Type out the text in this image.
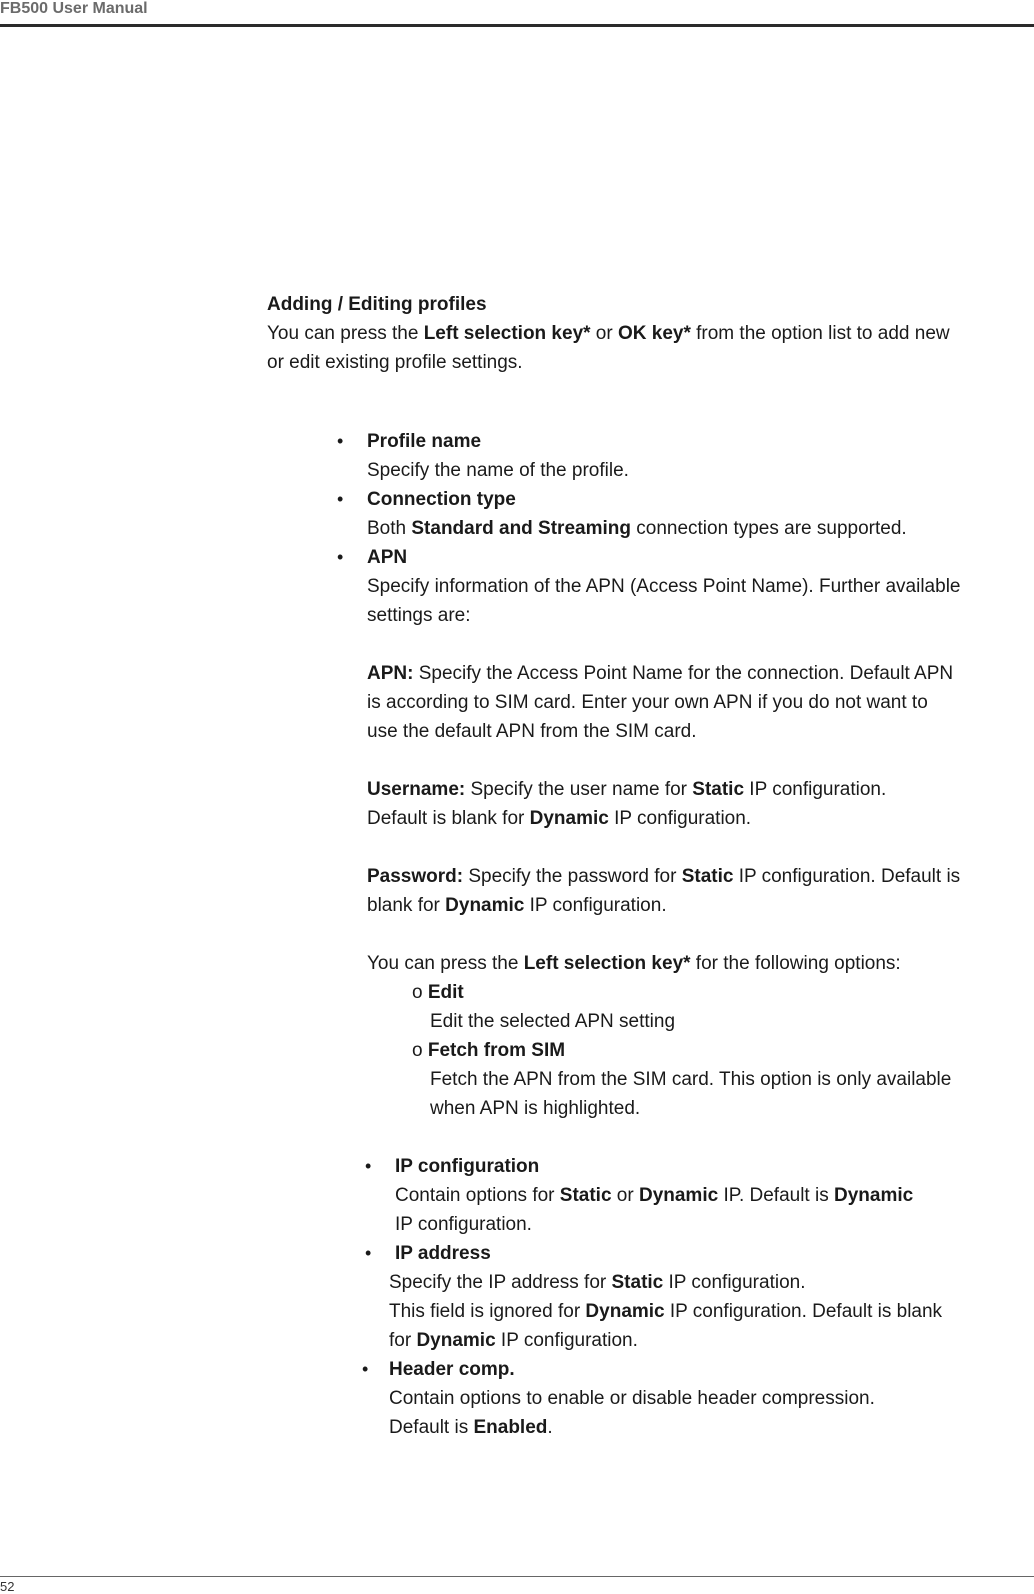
FB500 User Manual
Adding / Editing profiles
You can press the Left selection key* or OK key* from the option list to add new
or edit existing profile settings.
• Profile name
Specify the name of the profile.
• Connection type
Both Standard and Streaming connection types are supported.
• APN
Specify information of the APN (Access Point Name). Further available
settings are:
APN: Specify the Access Point Name for the connection. Default APN
is according to SIM card. Enter your own APN if you do not want to
use the default APN from the SIM card.
Username: Specify the user name for Static IP configuration.
Default is blank for Dynamic IP configuration.
Password: Specify the password for Static IP configuration. Default is
blank for Dynamic IP configuration.
You can press the Left selection key* for the following options:
o Edit
Edit the selected APN setting
o Fetch from SIM
Fetch the APN from the SIM card. This option is only available
when APN is highlighted.
• IP configuration
Contain options for Static or Dynamic IP. Default is Dynamic
IP configuration.
• IP address
Specify the IP address for Static IP configuration.
This field is ignored for Dynamic IP configuration. Default is blank
for Dynamic IP configuration.
• Header comp.
Contain options to enable or disable header compression.
Default is Enabled.
52
